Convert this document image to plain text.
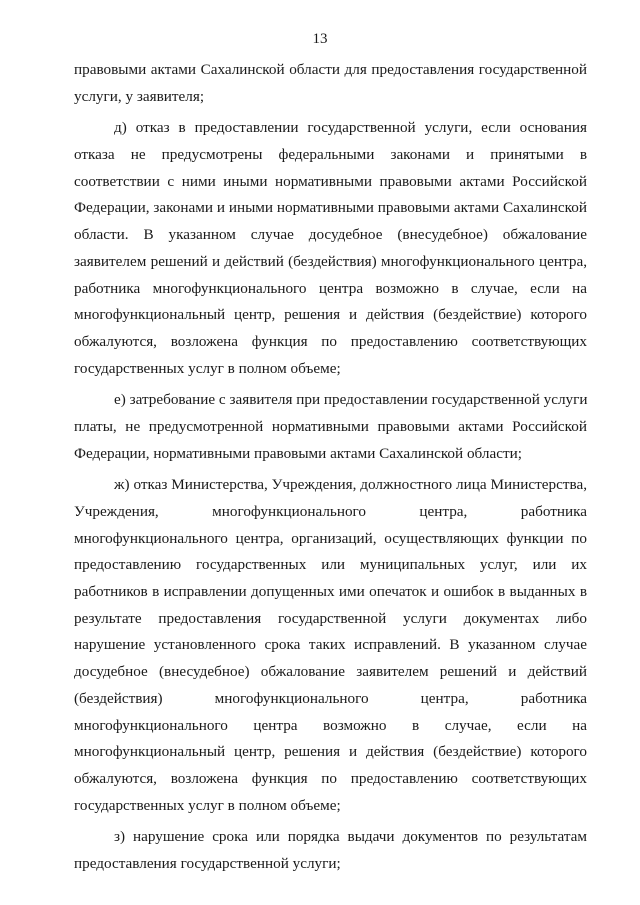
13
правовыми актами Сахалинской области для предоставления государственной
услуги, у заявителя;
д) отказ в предоставлении государственной услуги, если основания
отказа не предусмотрены федеральными законами и принятыми в
соответствии с ними иными нормативными правовыми актами Российской
Федерации, законами и иными нормативными правовыми актами Сахалинской
области. В указанном случае досудебное (внесудебное) обжалование
заявителем решений и действий (бездействия) многофункционального центра,
работника многофункционального центра возможно в случае, если на
многофункциональный центр, решения и действия (бездействие) которого
обжалуются, возложена функция по предоставлению соответствующих
государственных услуг в полном объеме;
е) затребование с заявителя при предоставлении государственной услуги
платы, не предусмотренной нормативными правовыми актами Российской
Федерации, нормативными правовыми актами Сахалинской области;
ж) отказ Министерства, Учреждения, должностного лица Министерства,
Учреждения, многофункционального центра, работника
многофункционального центра, организаций, осуществляющих функции по
предоставлению государственных или муниципальных услуг, или их
работников в исправлении допущенных ими опечаток и ошибок в выданных в
результате предоставления государственной услуги документах либо
нарушение установленного срока таких исправлений. В указанном случае
досудебное (внесудебное) обжалование заявителем решений и действий
(бездействия) многофункционального центра, работника
многофункционального центра возможно в случае, если на
многофункциональный центр, решения и действия (бездействие) которого
обжалуются, возложена функция по предоставлению соответствующих
государственных услуг в полном объеме;
з) нарушение срока или порядка выдачи документов по результатам
предоставления государственной услуги;
